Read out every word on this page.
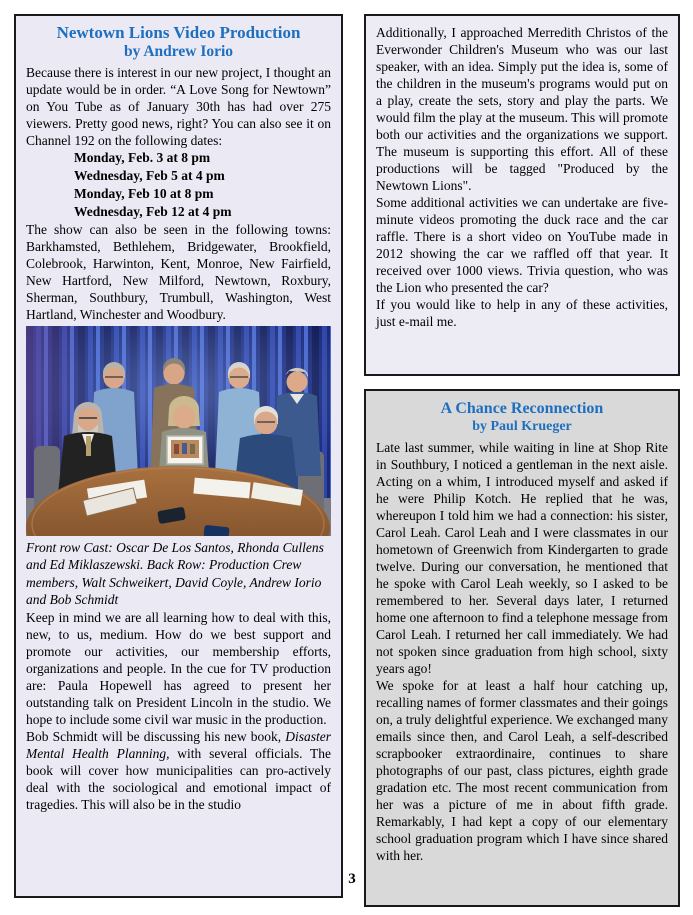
Newtown Lions Video Production
by Andrew Iorio

Because there is interest in our new project, I thought an update would be in order. “A Love Song for Newtown” on You Tube as of January 30th has had over 275 viewers. Pretty good news, right? You can also see it on Channel 192 on the following dates:

Monday, Feb. 3 at 8 pm
Wednesday, Feb 5 at 4 pm
Monday, Feb 10 at 8 pm
Wednesday, Feb 12 at 4 pm

The show can also be seen in the following towns: Barkhamsted, Bethlehem, Bridgewater, Brookfield, Colebrook, Harwinton, Kent, Monroe, New Fairfield, New Hartford, New Milford, Newtown, Roxbury, Sherman, Southbury, Trumbull, Washington, West Hartland, Winchester and Woodbury.

Front row Cast: Oscar De Los Santos, Rhonda Cullens and Ed Miklaszewski. Back Row: Production Crew members, Walt Schweikert, David Coyle, Andrew Iorio and Bob Schmidt

Keep in mind we are all learning how to deal with this, new, to us, medium. How do we best support and promote our activities, our membership efforts, organizations and people. In the cue for TV production are: Paula Hopewell has agreed to present her outstanding talk on President Lincoln in the studio. We hope to include some civil war music in the production.

Bob Schmidt will be discussing his new book, Disaster Mental Health Planning, with several officials. The book will cover how municipalities can pro-actively deal with the sociological and emotional impact of tragedies. This will also be in the studio

Additionally, I approached Merredith Christos of the Everwonder Children's Museum who was our last speaker, with an idea. Simply put the idea is, some of the children in the museum's programs would put on a play, create the sets, story and play the parts. We would film the play at the museum. This will promote both our activities and the organizations we support. The museum is supporting this effort. All of these productions will be tagged "Produced by the Newtown Lions".

Some additional activities we can undertake are five-minute videos promoting the duck race and the car raffle. There is a short video on YouTube made in 2012 showing the car we raffled off that year. It received over 1000 views. Trivia question, who was the Lion who presented the car?

If you would like to help in any of these activities, just e-mail me.

A Chance Reconnection
by Paul Krueger

Late last summer, while waiting in line at Shop Rite in Southbury, I noticed a gentleman in the next aisle. Acting on a whim, I introduced myself and asked if he were Philip Kotch. He replied that he was, whereupon I told him we had a connection: his sister, Carol Leah. Carol Leah and I were classmates in our hometown of Greenwich from Kindergarten to grade twelve. During our conversation, he mentioned that he spoke with Carol Leah weekly, so I asked to be remembered to her. Several days later, I returned home one afternoon to find a telephone message from Carol Leah. I returned her call immediately. We had not spoken since graduation from high school, sixty years ago!

We spoke for at least a half hour catching up, recalling names of former classmates and their goings on, a truly delightful experience. We exchanged many emails since then, and Carol Leah, a self-described scrapbooker extraordinaire, continues to share photographs of our past, class pictures, eighth grade gradation etc. The most recent communication from her was a picture of me in about fifth grade. Remarkably, I had kept a copy of our elementary school graduation program which I have since shared with her.

3
